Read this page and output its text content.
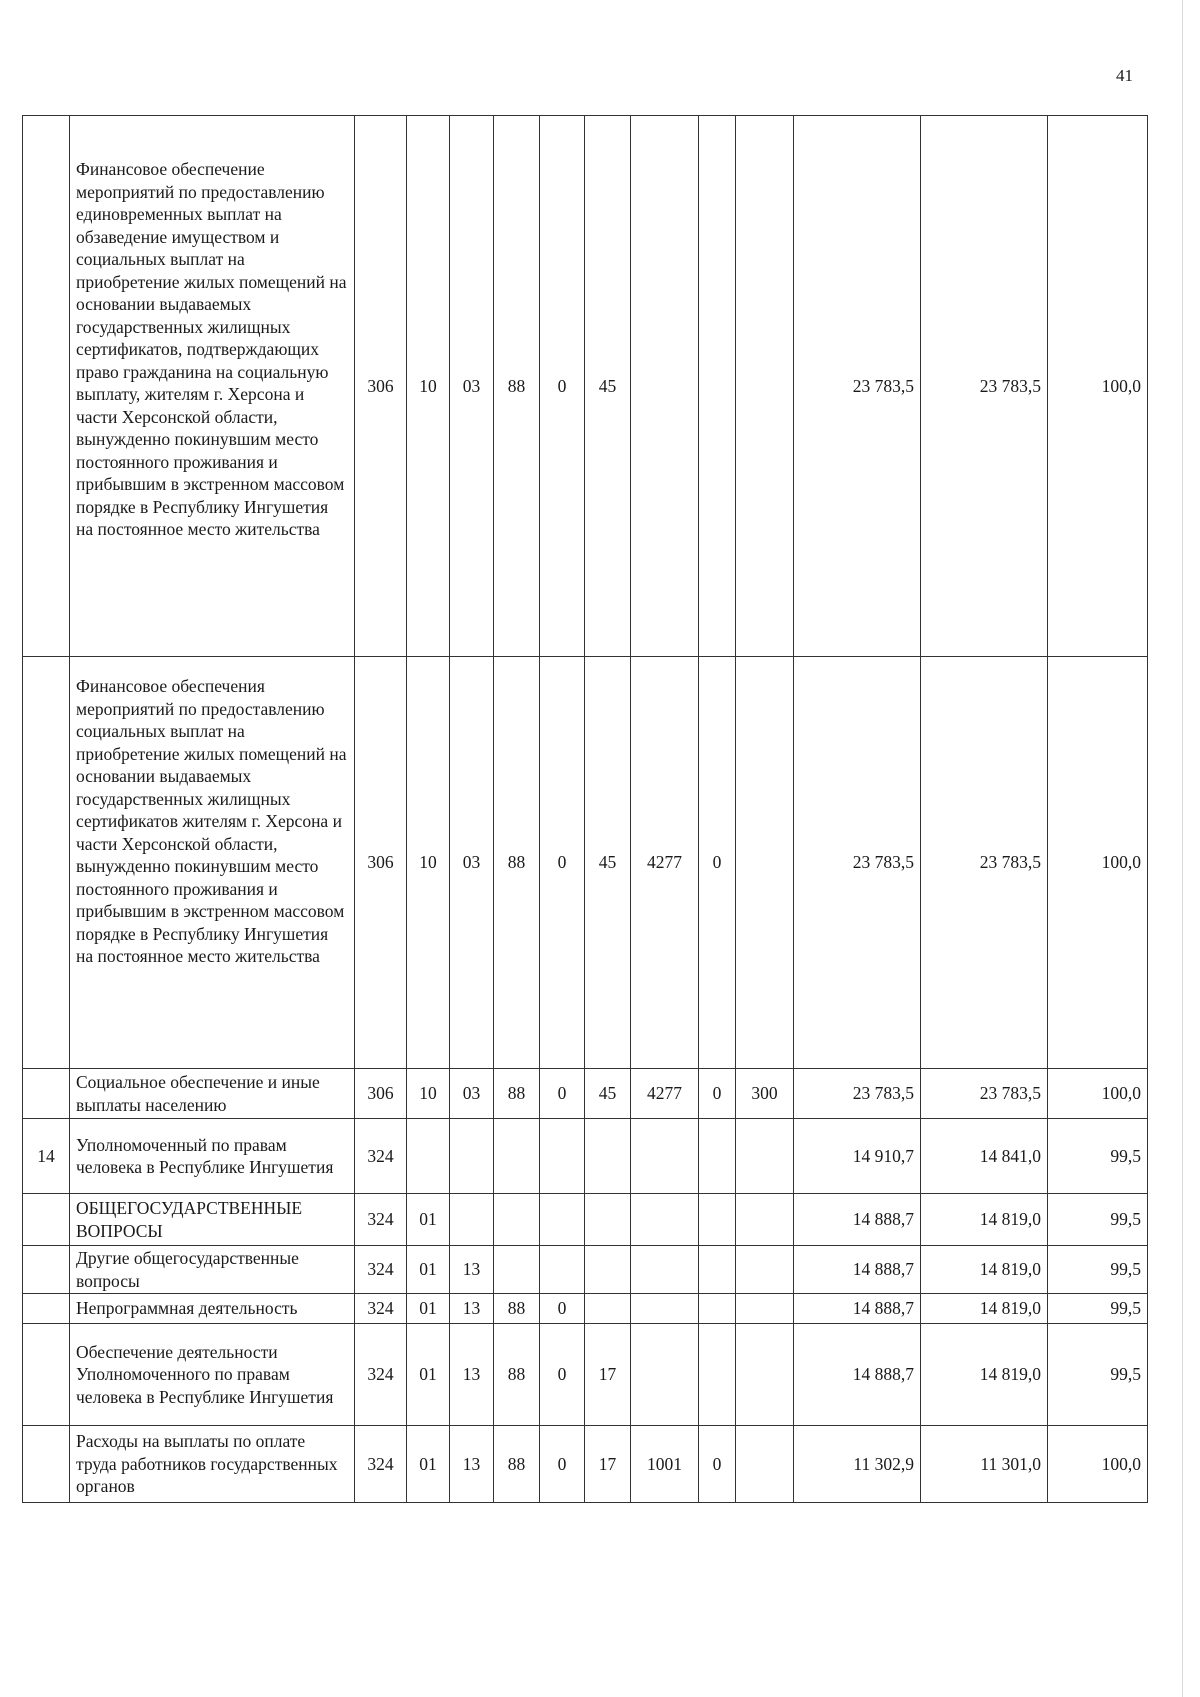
41
	Финансовое обеспечение мероприятий по предоставлению единовременных выплат на обзаведение имуществом и социальных выплат на приобретение жилых помещений на основании выдаваемых государственных жилищных сертификатов, подтверждающих право гражданина на социальную выплату, жителям г. Херсона и части Херсонской области, вынужденно покинувшим место постоянного проживания и прибывшим в экстренном массовом порядке в Республику Ингушетия на постоянное место жительства	306	10	03	88	0	45				23 783,5	23 783,5	100,0
	Финансовое обеспечения мероприятий по предоставлению социальных выплат на приобретение жилых помещений на основании выдаваемых государственных жилищных сертификатов жителям г. Херсона и части Херсонской области, вынужденно покинувшим место постоянного проживания и прибывшим в экстренном массовом порядке в Республику Ингушетия на постоянное место жительства	306	10	03	88	0	45	4277	0		23 783,5	23 783,5	100,0
	Социальное обеспечение и иные выплаты населению	306	10	03	88	0	45	4277	0	300	23 783,5	23 783,5	100,0
14	Уполномоченный по правам человека в Республике Ингушетия	324									14 910,7	14 841,0	99,5
	ОБЩЕГОСУДАРСТВЕННЫЕ ВОПРОСЫ	324	01								14 888,7	14 819,0	99,5
	Другие общегосударственные вопросы	324	01	13							14 888,7	14 819,0	99,5
	Непрограммная деятельность	324	01	13	88	0					14 888,7	14 819,0	99,5
	Обеспечение деятельности Уполномоченного по правам человека в Республике Ингушетия	324	01	13	88	0	17				14 888,7	14 819,0	99,5
	Расходы на выплаты по оплате труда работников государственных органов	324	01	13	88	0	17	1001	0		11 302,9	11 301,0	100,0
